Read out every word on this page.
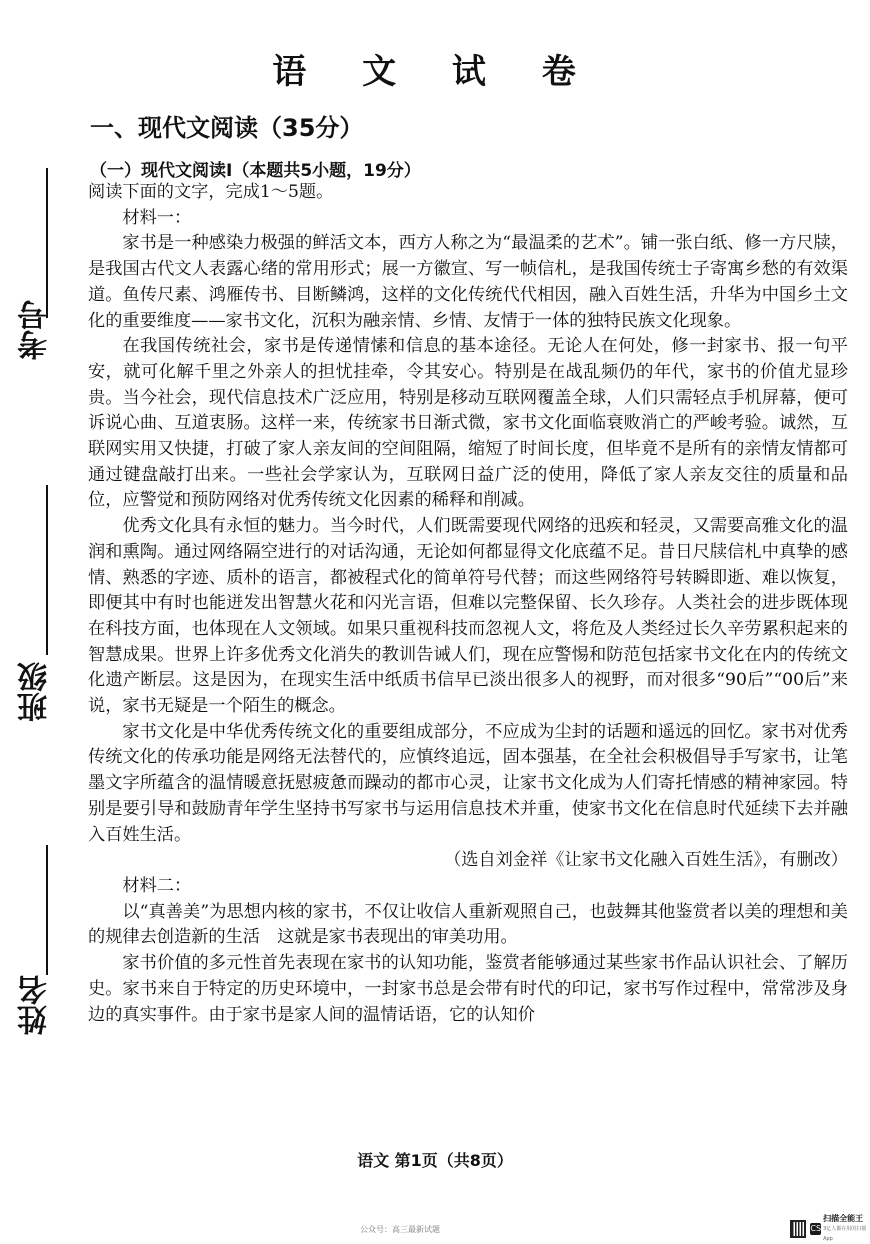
考号
班级
姓名
语 文 试 卷
一、现代文阅读（35分）
（一）现代文阅读Ⅰ（本题共5小题，19分）

阅读下面的文字，完成1～5题。

材料一：

家书是一种感染力极强的鲜活文本，西方人称之为“最温柔的艺术”。铺一张白纸、修一方尺牍，是我国古代文人表露心绪的常用形式；展一方徽宣、写一帧信札，是我国传统士子寄寓乡愁的有效渠道。鱼传尺素、鸿雁传书、目断鳞鸿，这样的文化传统代代相因，融入百姓生活，升华为中国乡土文化的重要维度——家书文化，沉积为融亲情、乡情、友情于一体的独特民族文化现象。

在我国传统社会，家书是传递情愫和信息的基本途径。无论人在何处，修一封家书、报一句平安，就可化解千里之外亲人的担忧挂牵，令其安心。特别是在战乱频仍的年代，家书的价值尤显珍贵。当今社会，现代信息技术广泛应用，特别是移动互联网覆盖全球，人们只需轻点手机屏幕，便可诉说心曲、互道衷肠。这样一来，传统家书日渐式微，家书文化面临衰败消亡的严峻考验。诚然，互联网实用又快捷，打破了家人亲友间的空间阻隔，缩短了时间长度，但毕竟不是所有的亲情友情都可通过键盘敲打出来。一些社会学家认为，互联网日益广泛的使用，降低了家人亲友交往的质量和品位，应警觉和预防网络对优秀传统文化因素的稀释和削减。

优秀文化具有永恒的魅力。当今时代，人们既需要现代网络的迅疾和轻灵，又需要高雅文化的温润和熏陶。通过网络隔空进行的对话沟通，无论如何都显得文化底蕴不足。昔日尺牍信札中真挚的感情、熟悉的字迹、质朴的语言，都被程式化的简单符号代替；而这些网络符号转瞬即逝、难以恢复，即便其中有时也能迸发出智慧火花和闪光言语，但难以完整保留、长久珍存。人类社会的进步既体现在科技方面，也体现在人文领域。如果只重视科技而忽视人文，将危及人类经过长久辛劳累积起来的智慧成果。世界上许多优秀文化消失的教训告诫人们，现在应警惕和防范包括家书文化在内的传统文化遗产断层。这是因为，在现实生活中纸质书信早已淡出很多人的视野，而对很多“90后”“00后”来说，家书无疑是一个陌生的概念。

家书文化是中华优秀传统文化的重要组成部分，不应成为尘封的话题和遥远的回忆。家书对优秀传统文化的传承功能是网络无法替代的，应慎终追远，固本强基，在全社会积极倡导手写家书，让笔墨文字所蕴含的温情暖意抚慰疲惫而躁动的都市心灵，让家书文化成为人们寄托情感的精神家园。特别是要引导和鼓励青年学生坚持书写家书与运用信息技术并重，使家书文化在信息时代延续下去并融入百姓生活。

（选自刘金祥《让家书文化融入百姓生活》，有删改）

材料二：

以“真善美”为思想内核的家书，不仅让收信人重新观照自己，也鼓舞其他鉴赏者以美的理想和美的规律去创造新的生活　这就是家书表现出的审美功用。

家书价值的多元性首先表现在家书的认知功能，鉴赏者能够通过某些家书作品认识社会、了解历史。家书来自于特定的历史环境中，一封家书总是会带有时代的印记，家书写作过程中，常常涉及身边的真实事件。由于家书是家人间的温情话语，它的认知价

语文 第1页（共8页）
公众号：高三最新试题	CS
扫描全能王
3亿人都在用的扫描App
